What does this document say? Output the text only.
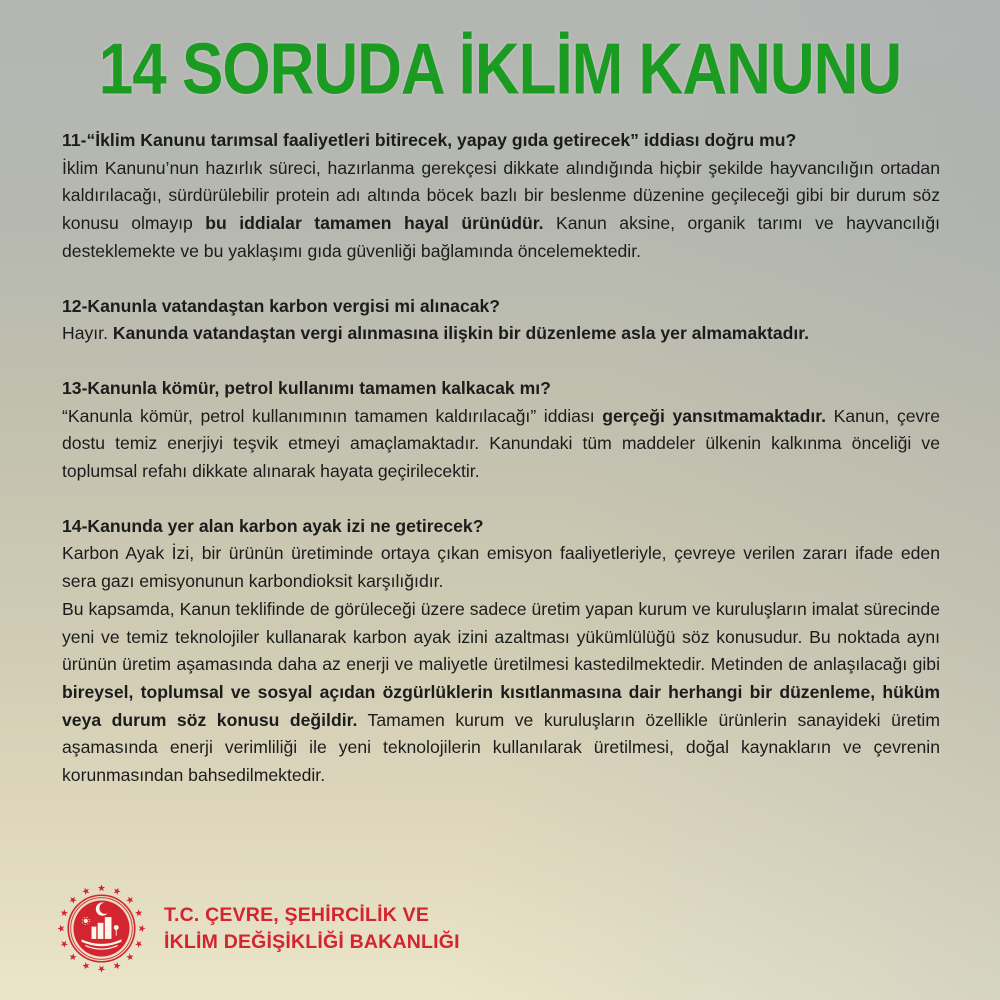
14 SORUDA İKLİM KANUNU
11-“İklim Kanunu tarımsal faaliyetleri bitirecek, yapay gıda getirecek” iddiası doğru mu?

İklim Kanunu’nun hazırlık süreci, hazırlanma gerekçesi dikkate alındığında hiçbir şekilde hayvancılığın ortadan kaldırılacağı, sürdürülebilir protein adı altında böcek bazlı bir beslenme düzenine geçileceği gibi bir durum söz konusu olmayıp bu iddialar tamamen hayal ürünüdür. Kanun aksine, organik tarımı ve hayvancılığı desteklemekte ve bu yaklaşımı gıda güvenliği bağlamında öncelemektedir.

12-Kanunla vatandaştan karbon vergisi mi alınacak?

Hayır. Kanunda vatandaştan vergi alınmasına ilişkin bir düzenleme asla yer almamaktadır.

13-Kanunla kömür, petrol kullanımı tamamen kalkacak mı?

“Kanunla kömür, petrol kullanımının tamamen kaldırılacağı” iddiası gerçeği yansıtmamaktadır. Kanun, çevre dostu temiz enerjiyi teşvik etmeyi amaçlamaktadır. Kanundaki tüm maddeler ülkenin kalkınma önceliği ve toplumsal refahı dikkate alınarak hayata geçirilecektir.

14-Kanunda yer alan karbon ayak izi ne getirecek?

Karbon Ayak İzi, bir ürünün üretiminde ortaya çıkan emisyon faaliyetleriyle, çevreye verilen zararı ifade eden sera gazı emisyonunun karbondioksit karşılığıdır.

Bu kapsamda, Kanun teklifinde de görüleceği üzere sadece üretim yapan kurum ve kuruluşların imalat sürecinde yeni ve temiz teknolojiler kullanarak karbon ayak izini azaltması yükümlülüğü söz konusudur. Bu noktada aynı ürünün üretim aşamasında daha az enerji ve maliyetle üretilmesi kastedilmektedir. Metinden de anlaşılacağı gibi bireysel, toplumsal ve sosyal açıdan özgürlüklerin kısıtlanmasına dair herhangi bir düzenleme, hüküm veya durum söz konusu değildir. Tamamen kurum ve kuruluşların özellikle ürünlerin sanayideki üretim aşamasında enerji verimliliği ile yeni teknolojilerin kullanılarak üretilmesi, doğal kaynakların ve çevrenin korunmasından bahsedilmektedir.

T.C. ÇEVRE, ŞEHİRCİLİK VE
İKLİM DEĞİŞİKLİĞİ BAKANLIĞI
